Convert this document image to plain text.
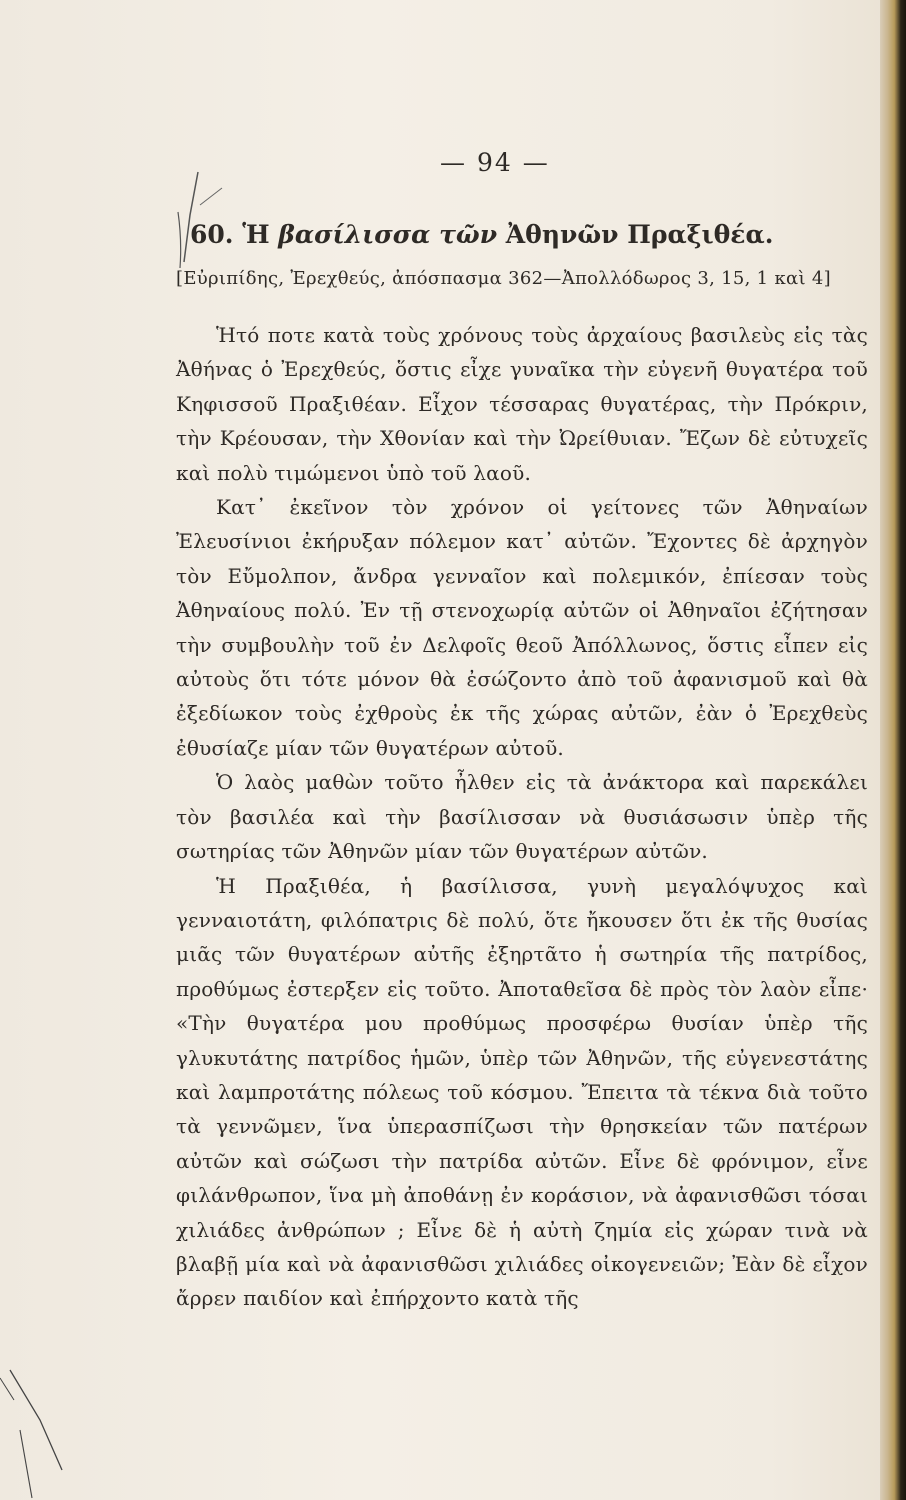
— 94 —
60. Ἡ βασίλισσα τῶν Ἀθηνῶν Πραξιθέα.
[Εὐριπίδης, Ἐρεχθεύς, ἀπόσπασμα 362—Ἀπολλόδωρος 3, 15, 1 καὶ 4]

Ἡτό ποτε κατὰ τοὺς χρόνους τοὺς ἀρχαίους βασιλεὺς εἰς τὰς Ἀθήνας ὁ Ἐρεχθεύς, ὅστις εἶχε γυναῖκα τὴν εὐγενῆ θυγατέρα τοῦ Κηφισσοῦ Πραξιθέαν. Εἶχον τέσσαρας θυγατέρας, τὴν Πρόκριν, τὴν Κρέουσαν, τὴν Χθονίαν καὶ τὴν Ὠρείθυιαν. Ἔζων δὲ εὐτυχεῖς καὶ πολὺ τιμώμενοι ὑπὸ τοῦ λαοῦ.

Κατ᾽ ἐκεῖνον τὸν χρόνον οἱ γείτονες τῶν Ἀθηναίων Ἐλευσίνιοι ἐκήρυξαν πόλεμον κατ᾽ αὐτῶν. Ἔχοντες δὲ ἀρχηγὸν τὸν Εὔμολπον, ἄνδρα γενναῖον καὶ πολεμικόν, ἐπίεσαν τοὺς Ἀθηναίους πολύ. Ἐν τῇ στενοχωρίᾳ αὐτῶν οἱ Ἀθηναῖοι ἐζήτησαν τὴν συμβουλὴν τοῦ ἐν Δελφοῖς θεοῦ Ἀπόλλωνος, ὅστις εἶπεν εἰς αὐτοὺς ὅτι τότε μόνον θὰ ἐσώζοντο ἀπὸ τοῦ ἀφανισμοῦ καὶ θὰ ἐξεδίωκον τοὺς ἐχθροὺς ἐκ τῆς χώρας αὐτῶν, ἐὰν ὁ Ἐρεχθεὺς ἐθυσίαζε μίαν τῶν θυγατέρων αὐτοῦ.

Ὁ λαὸς μαθὼν τοῦτο ἦλθεν εἰς τὰ ἀνάκτορα καὶ παρεκάλει τὸν βασιλέα καὶ τὴν βασίλισσαν νὰ θυσιάσωσιν ὑπὲρ τῆς σωτηρίας τῶν Ἀθηνῶν μίαν τῶν θυγατέρων αὐτῶν.

Ἡ Πραξιθέα, ἡ βασίλισσα, γυνὴ μεγαλόψυχος καὶ γενναιοτάτη, φιλόπατρις δὲ πολύ, ὅτε ἤκουσεν ὅτι ἐκ τῆς θυσίας μιᾶς τῶν θυγατέρων αὐτῆς ἐξηρτᾶτο ἡ σωτηρία τῆς πατρίδος, προθύμως ἐστερξεν εἰς τοῦτο. Ἀποταθεῖσα δὲ πρὸς τὸν λαὸν εἶπε· «Τὴν θυγατέρα μου προθύμως προσφέρω θυσίαν ὑπὲρ τῆς γλυκυτάτης πατρίδος ἡμῶν, ὑπὲρ τῶν Ἀθηνῶν, τῆς εὐγενεστάτης καὶ λαμπροτάτης πόλεως τοῦ κόσμου. Ἔπειτα τὰ τέκνα διὰ τοῦτο τὰ γεννῶμεν, ἵνα ὑπερασπίζωσι τὴν θρησκείαν τῶν πατέρων αὐτῶν καὶ σώζωσι τὴν πατρίδα αὐτῶν. Εἶνε δὲ φρόνιμον, εἶνε φιλάνθρωπον, ἵνα μὴ ἀποθάνῃ ἐν κοράσιον, νὰ ἀφανισθῶσι τόσαι χιλιάδες ἀνθρώπων ; Εἶνε δὲ ἡ αὐτὴ ζημία εἰς χώραν τινὰ νὰ βλαβῇ μία καὶ νὰ ἀφανισθῶσι χιλιάδες οἰκογενειῶν; Ἐὰν δὲ εἶχον ἄρρεν παιδίον καὶ ἐπήρχοντο κατὰ τῆς
